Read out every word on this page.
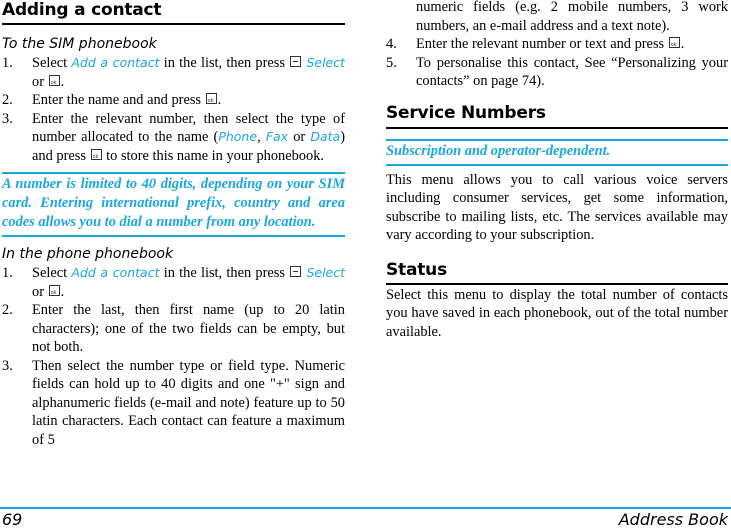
Adding a contact

To the SIM phonebook

1. Select Add a contact in the list, then press  Select or ok.
2. Enter the name and and press ok.
3. Enter the relevant number, then select the type of number allocated to the name (Phone, Fax or Data) and press ok to store this name in your phonebook.
A number is limited to 40 digits, depending on your SIM card. Entering international prefix, country and area codes allows you to dial a number from any location.

In the phone phonebook

1. Select Add a contact in the list, then press  Select or ok.
2. Enter the last, then first name (up to 20 latin characters); one of the two fields can be empty, but not both.
3. Then select the number type or field type. Numeric fields can hold up to 40 digits and one "+" sign and alphanumeric fields (e-mail and note) feature up to 50 latin characters. Each contact can feature a maximum of 5

numeric fields (e.g. 2 mobile numbers, 3 work numbers, an e-mail address and a text note).

4. Enter the relevant number or text and press ok.
5. To personalise this contact, See “Personalizing your contacts” on page 74).
Service Numbers
Subscription and operator-dependent.

This menu allows you to call various voice servers including consumer services, get some information, subscribe to mailing lists, etc. The services available may vary according to your subscription.

Status

Select this menu to display the total number of contacts you have saved in each phonebook, out of the total number available.

69	Address Book
